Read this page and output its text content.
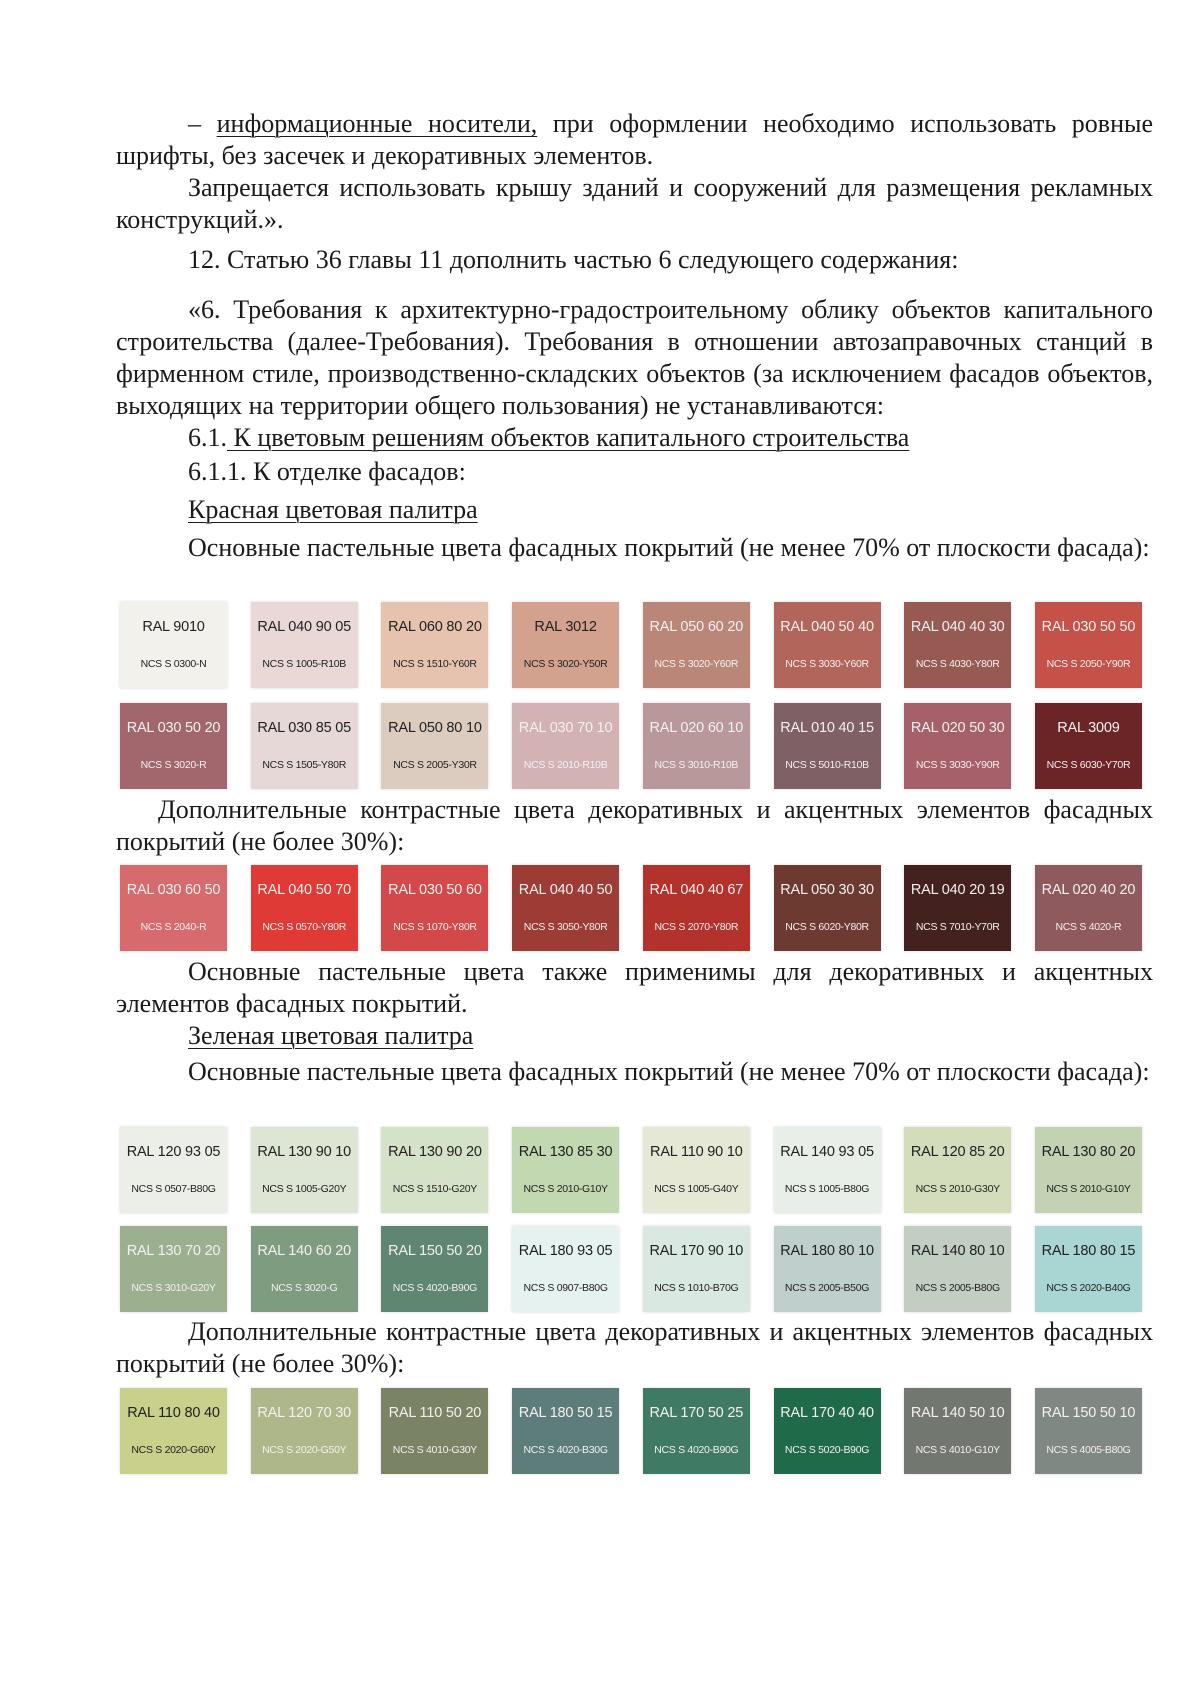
– информационные носители, при оформлении необходимо использовать ровные шрифты, без засечек и декоративных элементов.
Запрещается использовать крышу зданий и сооружений для размещения рекламных конструкций.».
12. Статью 36 главы 11 дополнить частью 6 следующего содержания:
«6. Требования к архитектурно-градостроительному облику объектов капитального строительства (далее-Требования). Требования в отношении автозаправочных станций в фирменном стиле, производственно-складских объектов (за исключением фасадов объектов, выходящих на территории общего пользования) не устанавливаются:
6.1. К цветовым решениям объектов капитального строительства
6.1.1. К отделке фасадов:
Красная цветовая палитра
Основные пастельные цвета фасадных покрытий (не менее 70% от плоскости фасада):
RAL 9010
NCS S 0300-N
RAL 040 90 05
NCS S 1005-R10B
RAL 060 80 20
NCS S 1510-Y60R
RAL 3012
NCS S 3020-Y50R
RAL 050 60 20
NCS S 3020-Y60R
RAL 040 50 40
NCS S 3030-Y60R
RAL 040 40 30
NCS S 4030-Y80R
RAL 030 50 50
NCS S 2050-Y90R
RAL 030 50 20
NCS S 3020-R
RAL 030 85 05
NCS S 1505-Y80R
RAL 050 80 10
NCS S 2005-Y30R
RAL 030 70 10
NCS S 2010-R10B
RAL 020 60 10
NCS S 3010-R10B
RAL 010 40 15
NCS S 5010-R10B
RAL 020 50 30
NCS S 3030-Y90R
RAL 3009
NCS S 6030-Y70R
Дополнительные контрастные цвета декоративных и акцентных элементов фасадных покрытий (не более 30%):
RAL 030 60 50
NCS S 2040-R
RAL 040 50 70
NCS S 0570-Y80R
RAL 030 50 60
NCS S 1070-Y80R
RAL 040 40 50
NCS S 3050-Y80R
RAL 040 40 67
NCS S 2070-Y80R
RAL 050 30 30
NCS S 6020-Y80R
RAL 040 20 19
NCS S 7010-Y70R
RAL 020 40 20
NCS S 4020-R
Основные пастельные цвета также применимы для декоративных и акцентных элементов фасадных покрытий.
Зеленая цветовая палитра
Основные пастельные цвета фасадных покрытий (не менее 70% от плоскости фасада):
RAL 120 93 05
NCS S 0507-B80G
RAL 130 90 10
NCS S 1005-G20Y
RAL 130 90 20
NCS S 1510-G20Y
RAL 130 85 30
NCS S 2010-G10Y
RAL 110 90 10
NCS S 1005-G40Y
RAL 140 93 05
NCS S 1005-B80G
RAL 120 85 20
NCS S 2010-G30Y
RAL 130 80 20
NCS S 2010-G10Y
RAL 130 70 20
NCS S 3010-G20Y
RAL 140 60 20
NCS S 3020-G
RAL 150 50 20
NCS S 4020-B90G
RAL 180 93 05
NCS S 0907-B80G
RAL 170 90 10
NCS S 1010-B70G
RAL 180 80 10
NCS S 2005-B50G
RAL 140 80 10
NCS S 2005-B80G
RAL 180 80 15
NCS S 2020-B40G
Дополнительные контрастные цвета декоративных и акцентных элементов фасадных покрытий (не более 30%):
RAL 110 80 40
NCS S 2020-G60Y
RAL 120 70 30
NCS S 2020-G50Y
RAL 110 50 20
NCS S 4010-G30Y
RAL 180 50 15
NCS S 4020-B30G
RAL 170 50 25
NCS S 4020-B90G
RAL 170 40 40
NCS S 5020-B90G
RAL 140 50 10
NCS S 4010-G10Y
RAL 150 50 10
NCS S 4005-B80G
